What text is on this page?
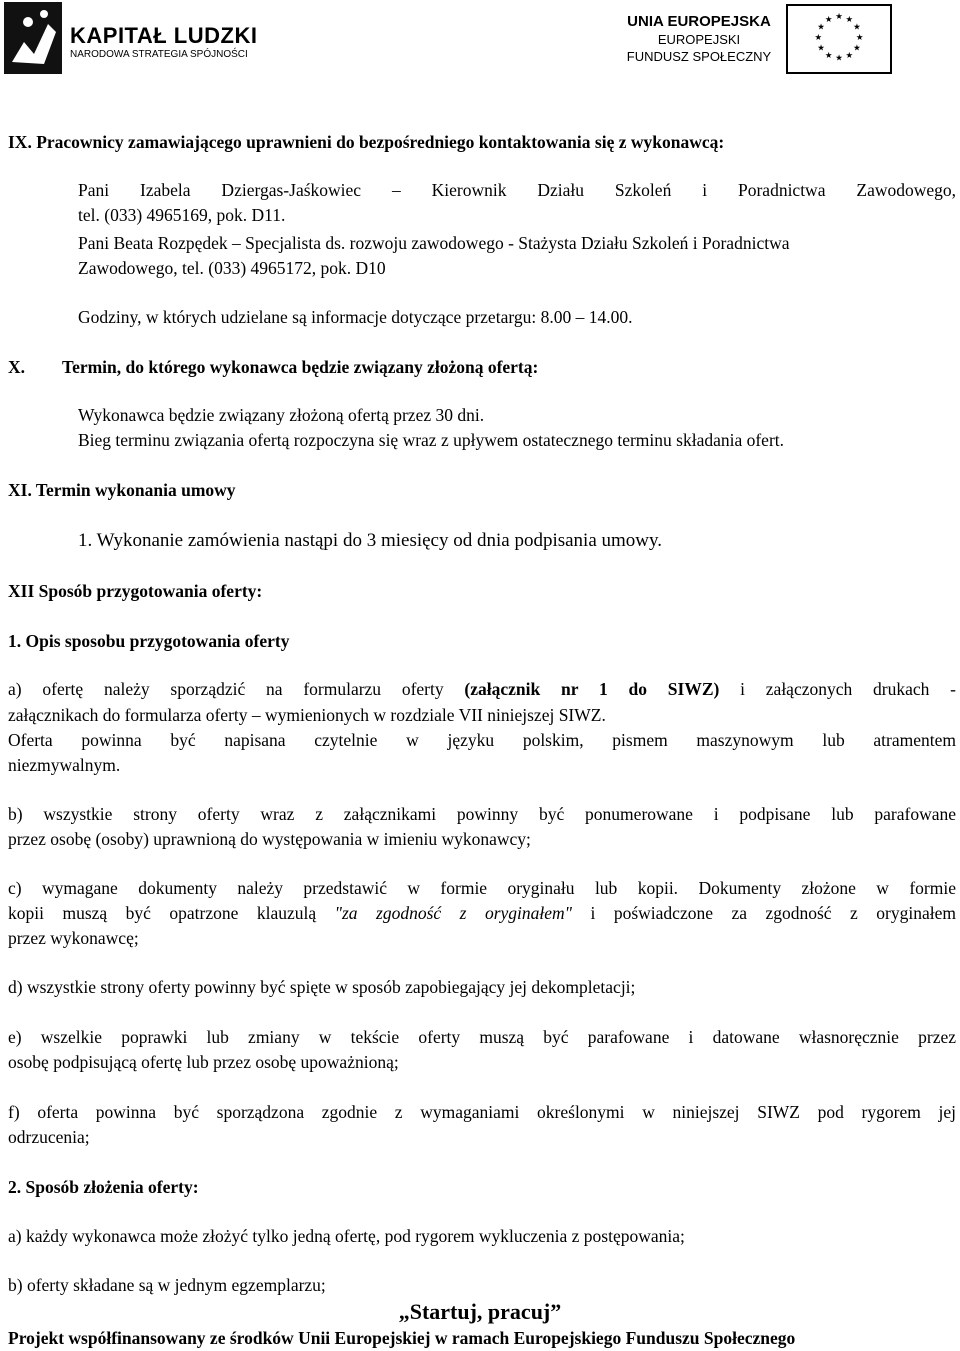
KAPITAŁ LUDZKI
NARODOWA STRATEGIA SPÓJNOŚCI
UNIA EUROPEJSKA
EUROPEJSKI
FUNDUSZ SPOŁECZNY
★ ★
★
★
★
★
★
★
★
★
★
★
IX. Pracownicy zamawiającego uprawnieni do bezpośredniego kontaktowania się z wykonawcą:
Pani Izabela Dziergas-Jaśkowiec – Kierownik Działu Szkoleń i Poradnictwa Zawodowego,
tel. (033) 4965169, pok. D11.
Pani Beata Rozpędek – Specjalista ds. rozwoju zawodowego - Stażysta Działu Szkoleń i Poradnictwa
Zawodowego, tel. (033) 4965172, pok. D10
Godziny, w których udzielane są informacje dotyczące przetargu: 8.00 – 14.00.
X. Termin, do którego wykonawca będzie związany złożoną ofertą:
Wykonawca będzie związany złożoną ofertą przez 30 dni.
Bieg terminu związania ofertą rozpoczyna się wraz z upływem ostatecznego terminu składania ofert.
XI. Termin wykonania umowy
1. Wykonanie zamówienia nastąpi do 3 miesięcy od dnia podpisania umowy.
XII Sposób przygotowania oferty:
1. Opis sposobu przygotowania oferty
a) ofertę należy sporządzić na formularzu oferty (załącznik nr 1 do SIWZ) i załączonych drukach -
załącznikach do formularza oferty – wymienionych w rozdziale VII niniejszej SIWZ.
Oferta powinna być napisana czytelnie w języku polskim, pismem maszynowym lub atramentem
niezmywalnym.
b) wszystkie strony oferty wraz z załącznikami powinny być ponumerowane i podpisane lub parafowane
przez osobę (osoby) uprawnioną do występowania w imieniu wykonawcy;
c) wymagane dokumenty należy przedstawić w formie oryginału lub kopii. Dokumenty złożone w formie
kopii muszą być opatrzone klauzulą "za zgodność z oryginałem" i poświadczone za zgodność z oryginałem
przez wykonawcę;
d) wszystkie strony oferty powinny być spięte w sposób zapobiegający jej dekompletacji;
e) wszelkie poprawki lub zmiany w tekście oferty muszą być parafowane i datowane własnoręcznie przez
osobę podpisującą ofertę lub przez osobę upoważnioną;
f) oferta powinna być sporządzona zgodnie z wymaganiami określonymi w niniejszej SIWZ pod rygorem jej
odrzucenia;
2. Sposób złożenia oferty:
a) każdy wykonawca może złożyć tylko jedną ofertę, pod rygorem wykluczenia z postępowania;
b) oferty składane są w jednym egzemplarzu;
„Startuj, pracuj”
Projekt współfinansowany ze środków Unii Europejskiej w ramach Europejskiego Funduszu Społecznego
